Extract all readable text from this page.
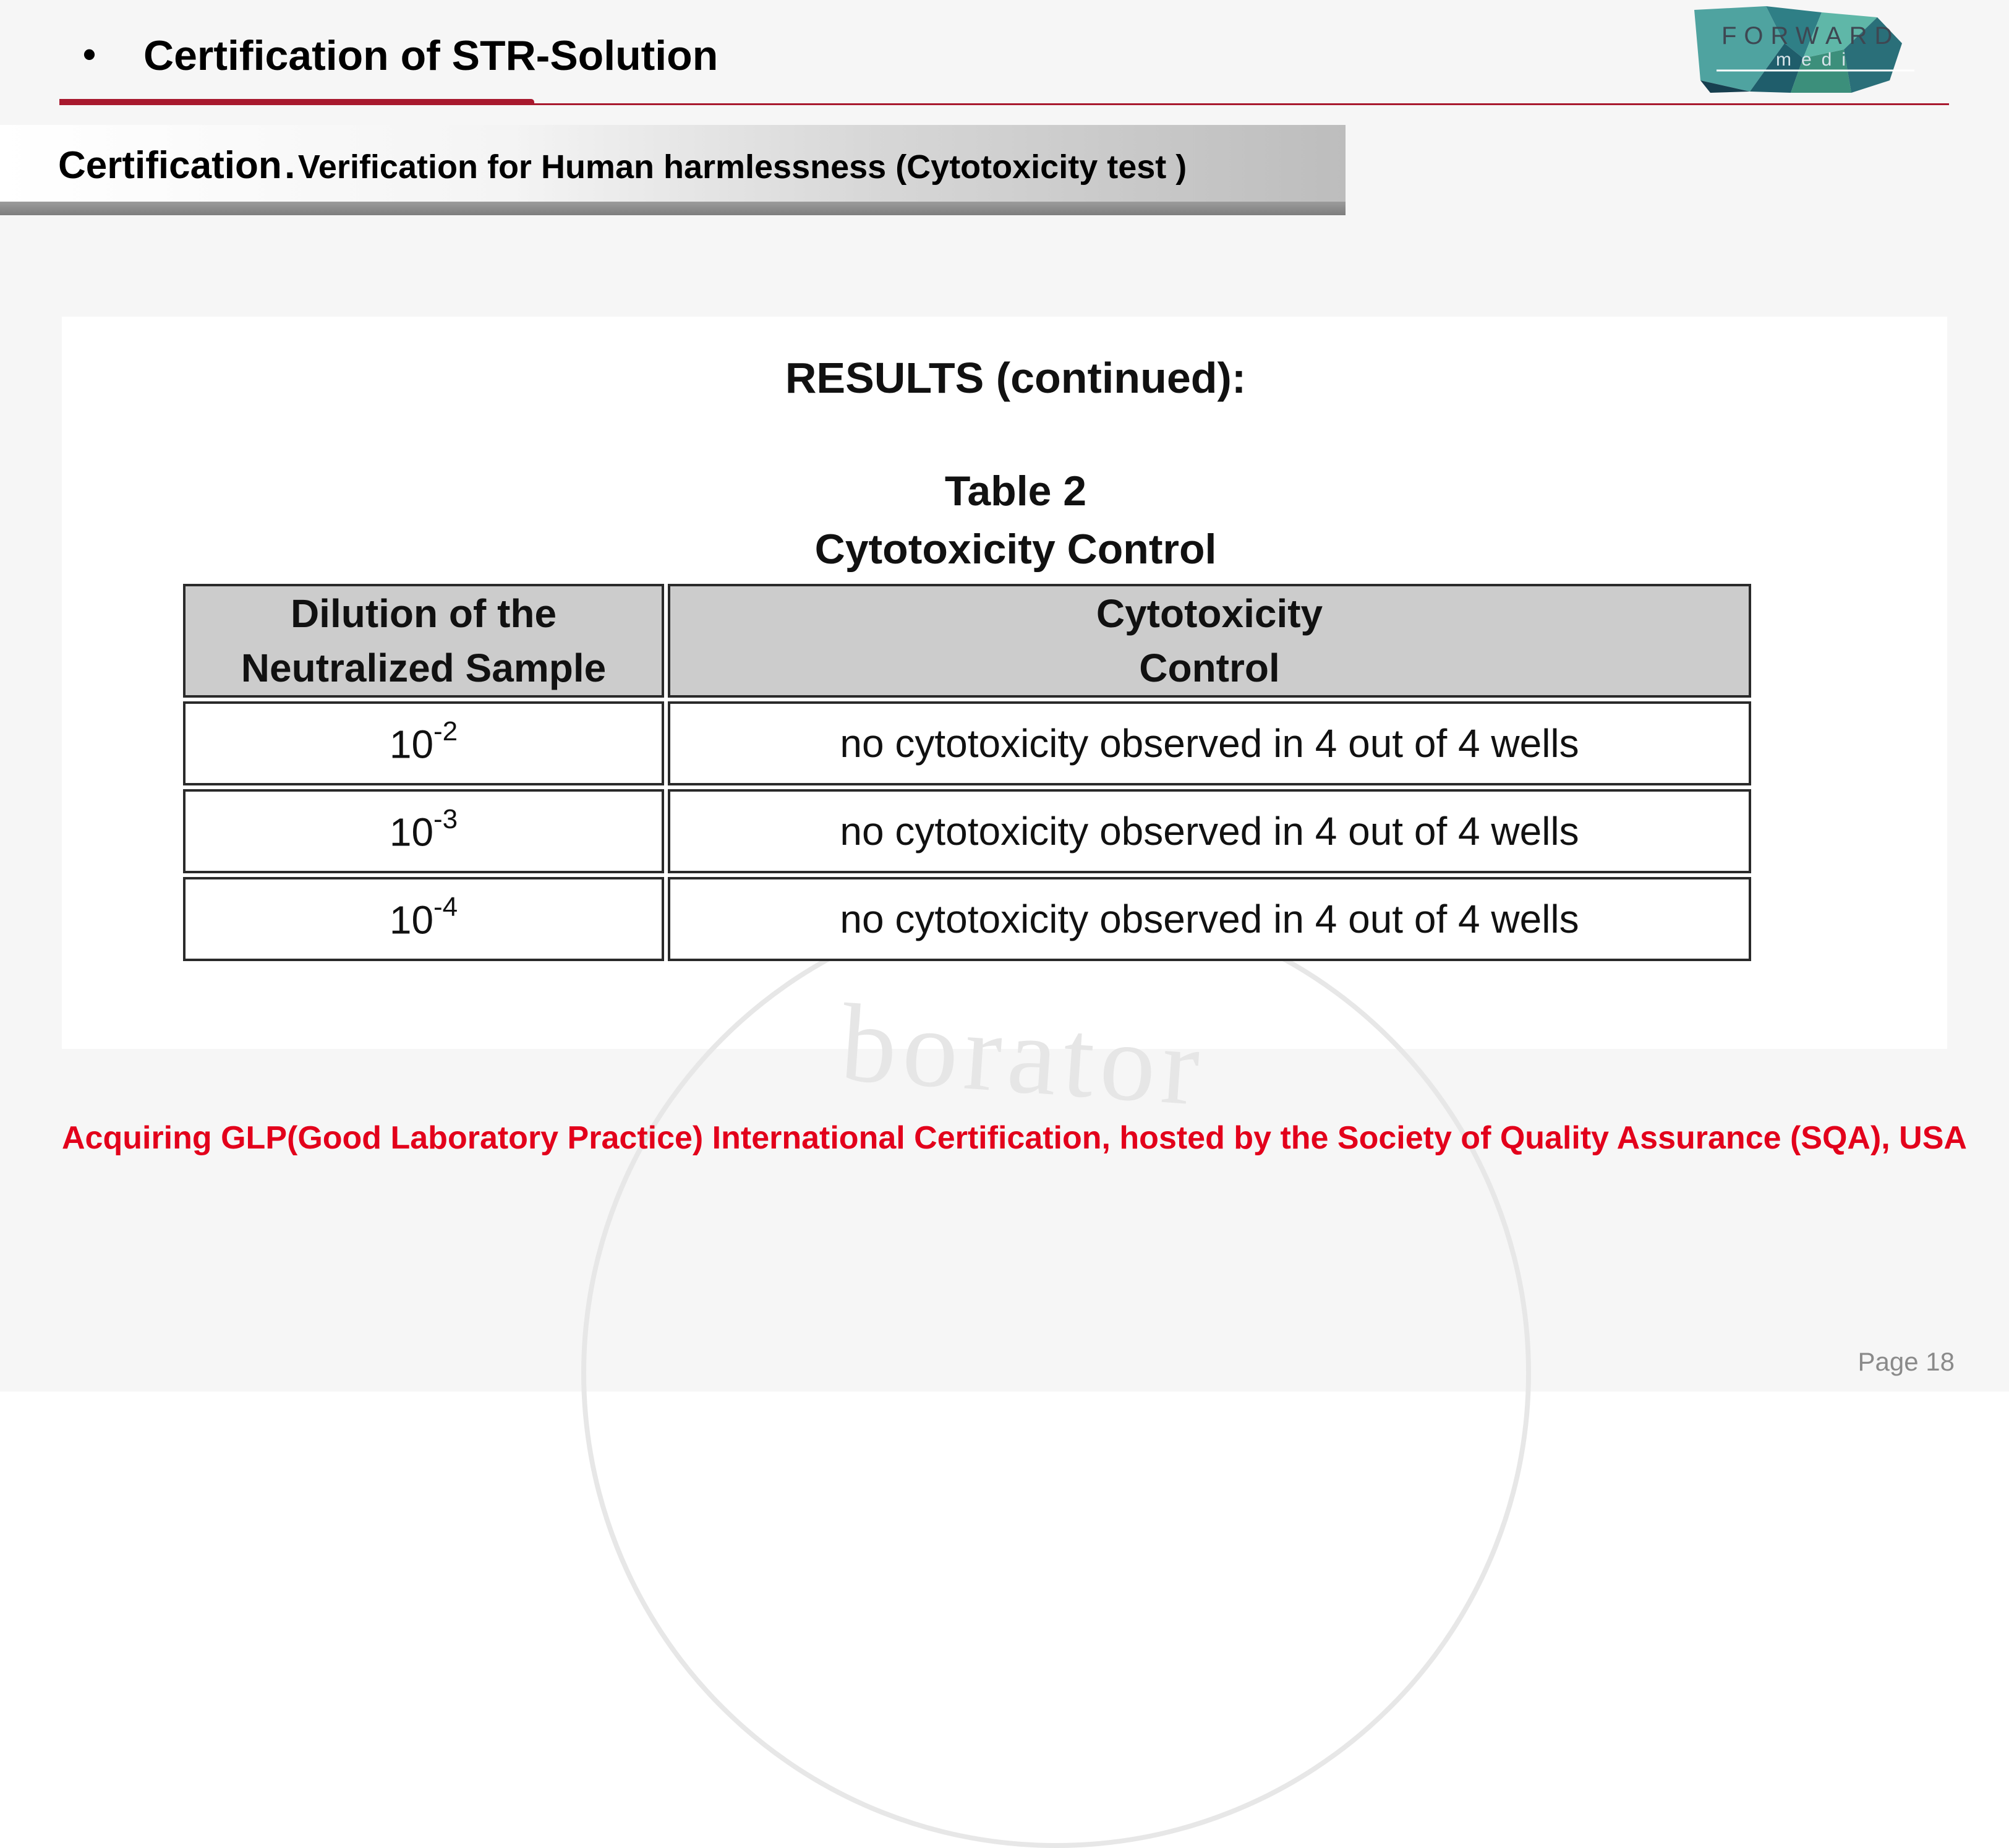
• Certification of STR-Solution	FORWARD
medi
Certification . Verification for Human harmlessness (Cytotoxicity test )
borator
RESULTS (continued):
Table 2
Cytotoxicity Control
Dilution of the
Neutralized Sample	Cytotoxicity
Control
$10^{-2}$	no cytotoxicity observed in 4 out of 4 wells
$10^{-3}$	no cytotoxicity observed in 4 out of 4 wells
$10^{-4}$	no cytotoxicity observed in 4 out of 4 wells
Acquiring GLP(Good Laboratory Practice) International Certification, hosted by the Society of Quality Assurance (SQA), USA
Page 18
